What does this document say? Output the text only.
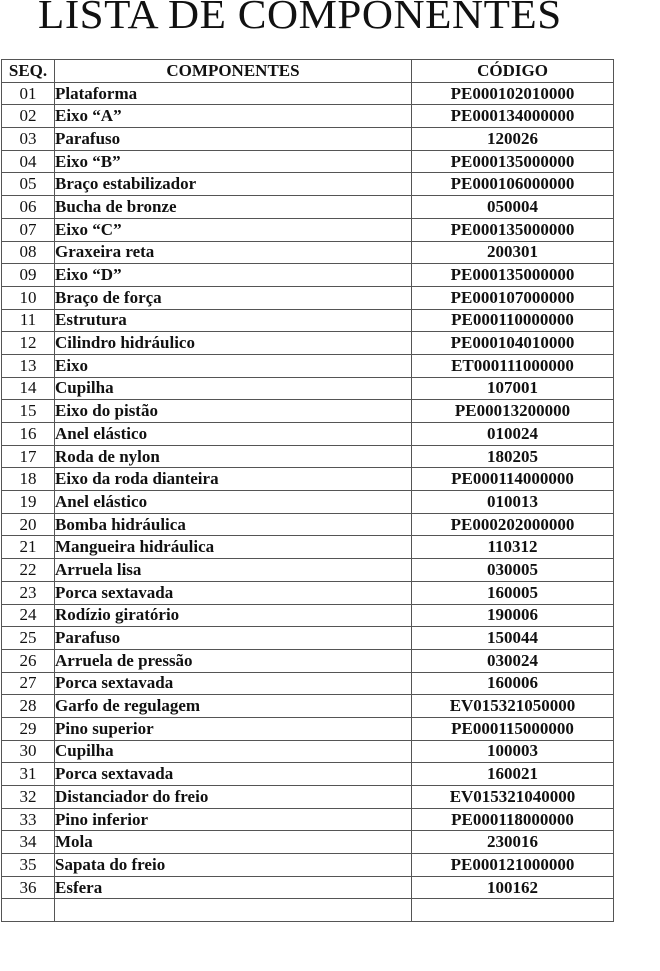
LISTA DE COMPONENTES
SEQ.	COMPONENTES	CÓDIGO
01	Plataforma	PE000102010000
02	Eixo “A”	PE000134000000
03	Parafuso	120026
04	Eixo “B”	PE000135000000
05	Braço estabilizador	PE000106000000
06	Bucha de bronze	050004
07	Eixo “C”	PE000135000000
08	Graxeira reta	200301
09	Eixo “D”	PE000135000000
10	Braço de força	PE000107000000
11	Estrutura	PE000110000000
12	Cilindro hidráulico	PE000104010000
13	Eixo	ET000111000000
14	Cupilha	107001
15	Eixo do pistão	PE00013200000
16	Anel elástico	010024
17	Roda de nylon	180205
18	Eixo da roda dianteira	PE000114000000
19	Anel elástico	010013
20	Bomba hidráulica	PE000202000000
21	Mangueira hidráulica	110312
22	Arruela lisa	030005
23	Porca sextavada	160005
24	Rodízio giratório	190006
25	Parafuso	150044
26	Arruela de pressão	030024
27	Porca sextavada	160006
28	Garfo de regulagem	EV015321050000
29	Pino superior	PE000115000000
30	Cupilha	100003
31	Porca sextavada	160021
32	Distanciador do freio	EV015321040000
33	Pino inferior	PE000118000000
34	Mola	230016
35	Sapata do freio	PE000121000000
36	Esfera	100162
